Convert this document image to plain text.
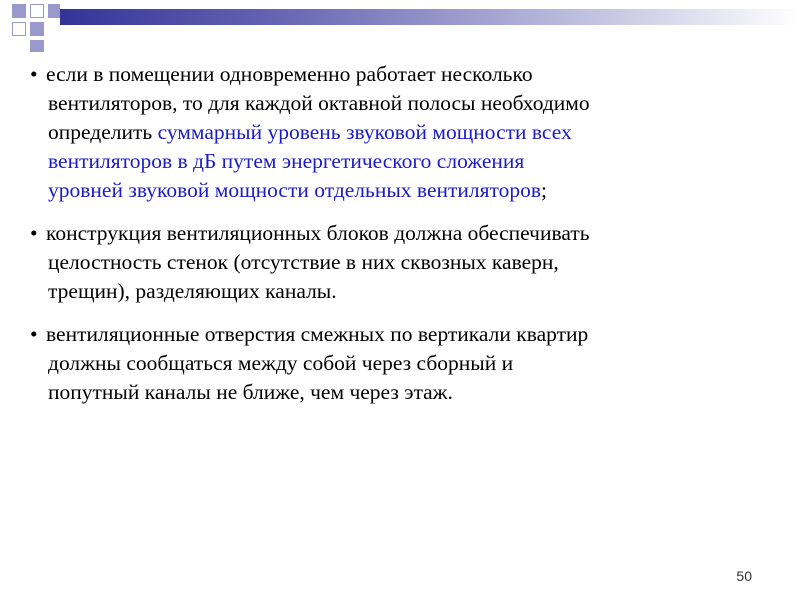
• если в помещении одновременно работает несколько
вентиляторов, то для каждой октавной полосы необходимо
определить суммарный уровень звуковой мощности всех
вентиляторов в дБ путем энергетического сложения
уровней звуковой мощности отдельных вентиляторов;
• конструкция вентиляционных блоков должна обеспечивать
целостность стенок (отсутствие в них сквозных каверн,
трещин), разделяющих каналы.
• вентиляционные отверстия смежных по вертикали квартир
должны сообщаться между собой через сборный и
попутный каналы не ближе, чем через этаж.
50
